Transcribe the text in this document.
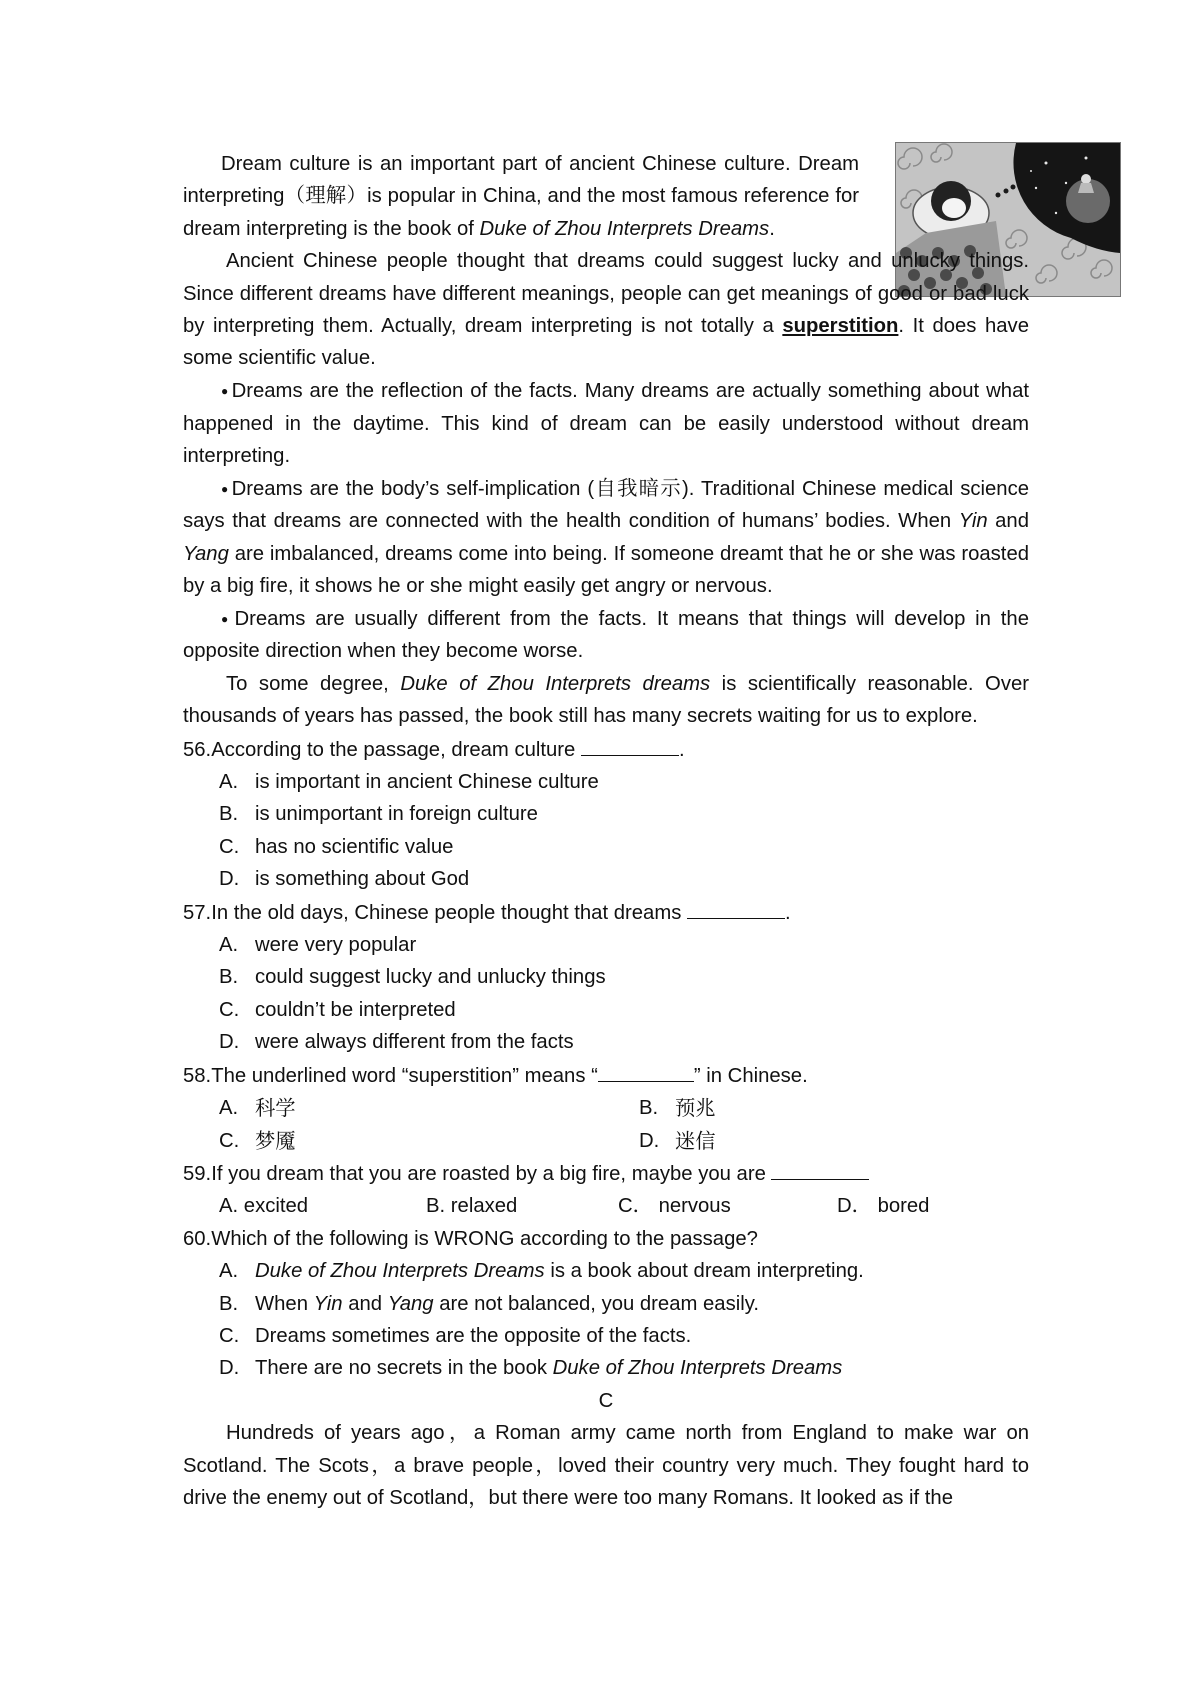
Dream culture is an important part of ancient Chinese culture. Dream interpreting（理解）is popular in China, and the most famous reference for dream interpreting is the book of Duke of Zhou Interprets Dreams.

Ancient Chinese people thought that dreams could suggest lucky and unlucky things. Since different dreams have different meanings, people can get meanings of good or bad luck by interpreting them. Actually, dream interpreting is not totally a superstition. It does have some scientific value.

●Dreams are the reflection of the facts. Many dreams are actually something about what happened in the daytime. This kind of dream can be easily understood without dream interpreting.

●Dreams are the body’s self-implication (自我暗示). Traditional Chinese medical science says that dreams are connected with the health condition of humans’ bodies. When Yin and Yang are imbalanced, dreams come into being. If someone dreamt that he or she was roasted by a big fire, it shows he or she might easily get angry or nervous.

●Dreams are usually different from the facts. It means that things will develop in the opposite direction when they become worse.

To some degree, Duke of Zhou Interprets dreams is scientifically reasonable. Over thousands of years has passed, the book still has many secrets waiting for us to explore.

56.According to the passage, dream culture	.

A. is important in ancient Chinese culture

B. is unimportant in foreign culture

C. has no scientific value

D. is something about God

57.In the old days, Chinese people thought that dreams	.

A. were very popular

B. could suggest lucky and unlucky things

C. couldn’t be interpreted

D. were always different from the facts

58.The underlined word “superstition” means “	” in Chinese.

A. 科学	B. 预兆

C. 梦魇	D. 迷信

59.If you dream that you are roasted by a big fire, maybe you are

A. excited	B. relaxed	C． nervous	D． bored

60.Which of the following is WRONG according to the passage?

A. Duke of Zhou Interprets Dreams is a book about dream interpreting.

B. When Yin and Yang are not balanced, you dream easily.

C. Dreams sometimes are the opposite of the facts.

D. There are no secrets in the book Duke of Zhou Interprets Dreams

C

Hundreds of years ago，a Roman army came north from England to make war on Scotland. The Scots，a brave people，loved their country very much. They fought hard to drive the enemy out of Scotland，but there were too many Romans. It looked as if the
